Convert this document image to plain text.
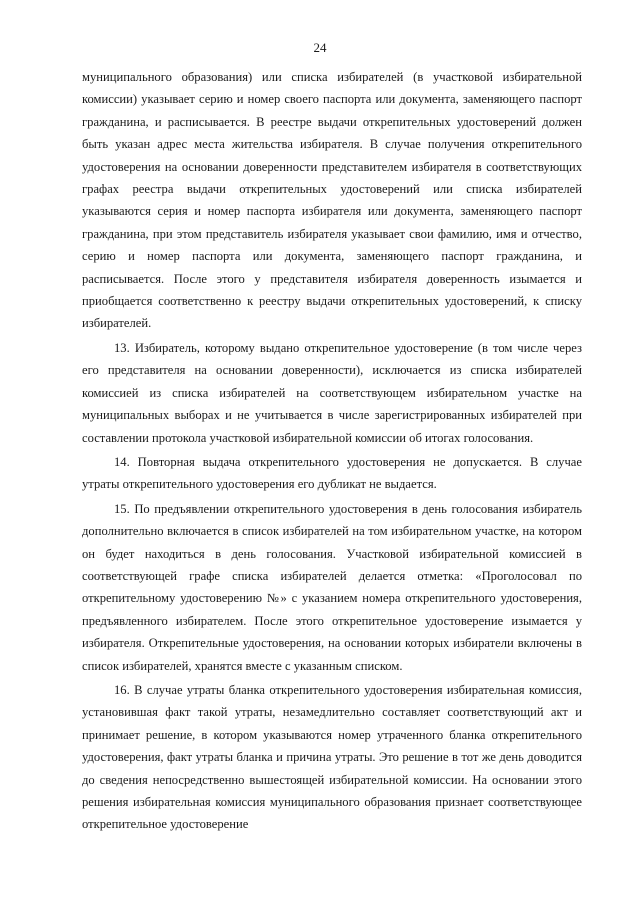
24

муниципального образования) или списка избирателей (в участковой избирательной комиссии) указывает серию и номер своего паспорта или документа, заменяющего паспорт гражданина, и расписывается. В реестре выдачи открепительных удостоверений должен быть указан адрес места жительства избирателя. В случае получения открепительного удостоверения на основании доверенности представителем избирателя в соответствующих графах реестра выдачи открепительных удостоверений или списка избирателей указываются серия и номер паспорта избирателя или документа, заменяющего паспорт гражданина, при этом представитель избирателя указывает свои фамилию, имя и отчество, серию и номер паспорта или документа, заменяющего паспорт гражданина, и расписывается. После этого у представителя избирателя доверенность изымается и приобщается соответственно к реестру выдачи открепительных удостоверений, к списку избирателей.

13. Избиратель, которому выдано открепительное удостоверение (в том числе через его представителя на основании доверенности), исключается из списка избирателей комиссией из списка избирателей на соответствующем избирательном участке на муниципальных выборах и не учитывается в числе зарегистрированных избирателей при составлении протокола участковой избирательной комиссии об итогах голосования.

14. Повторная выдача открепительного удостоверения не допускается. В случае утраты открепительного удостоверения его дубликат не выдается.

15. По предъявлении открепительного удостоверения в день голосования избиратель дополнительно включается в список избирателей на том избирательном участке, на котором он будет находиться в день голосования. Участковой избирательной комиссией в соответствующей графе списка избирателей делается отметка: «Проголосовал по открепительному удостоверению №» с указанием номера открепительного удостоверения, предъявленного избирателем. После этого открепительное удостоверение изымается у избирателя. Открепительные удостоверения, на основании которых избиратели включены в список избирателей, хранятся вместе с указанным списком.

16. В случае утраты бланка открепительного удостоверения избирательная комиссия, установившая факт такой утраты, незамедлительно составляет соответствующий акт и принимает решение, в котором указываются номер утраченного бланка открепительного удостоверения, факт утраты бланка и причина утраты. Это решение в тот же день доводится до сведения непосредственно вышестоящей избирательной комиссии. На основании этого решения избирательная комиссия муниципального образования признает соответствующее открепительное удостоверение
